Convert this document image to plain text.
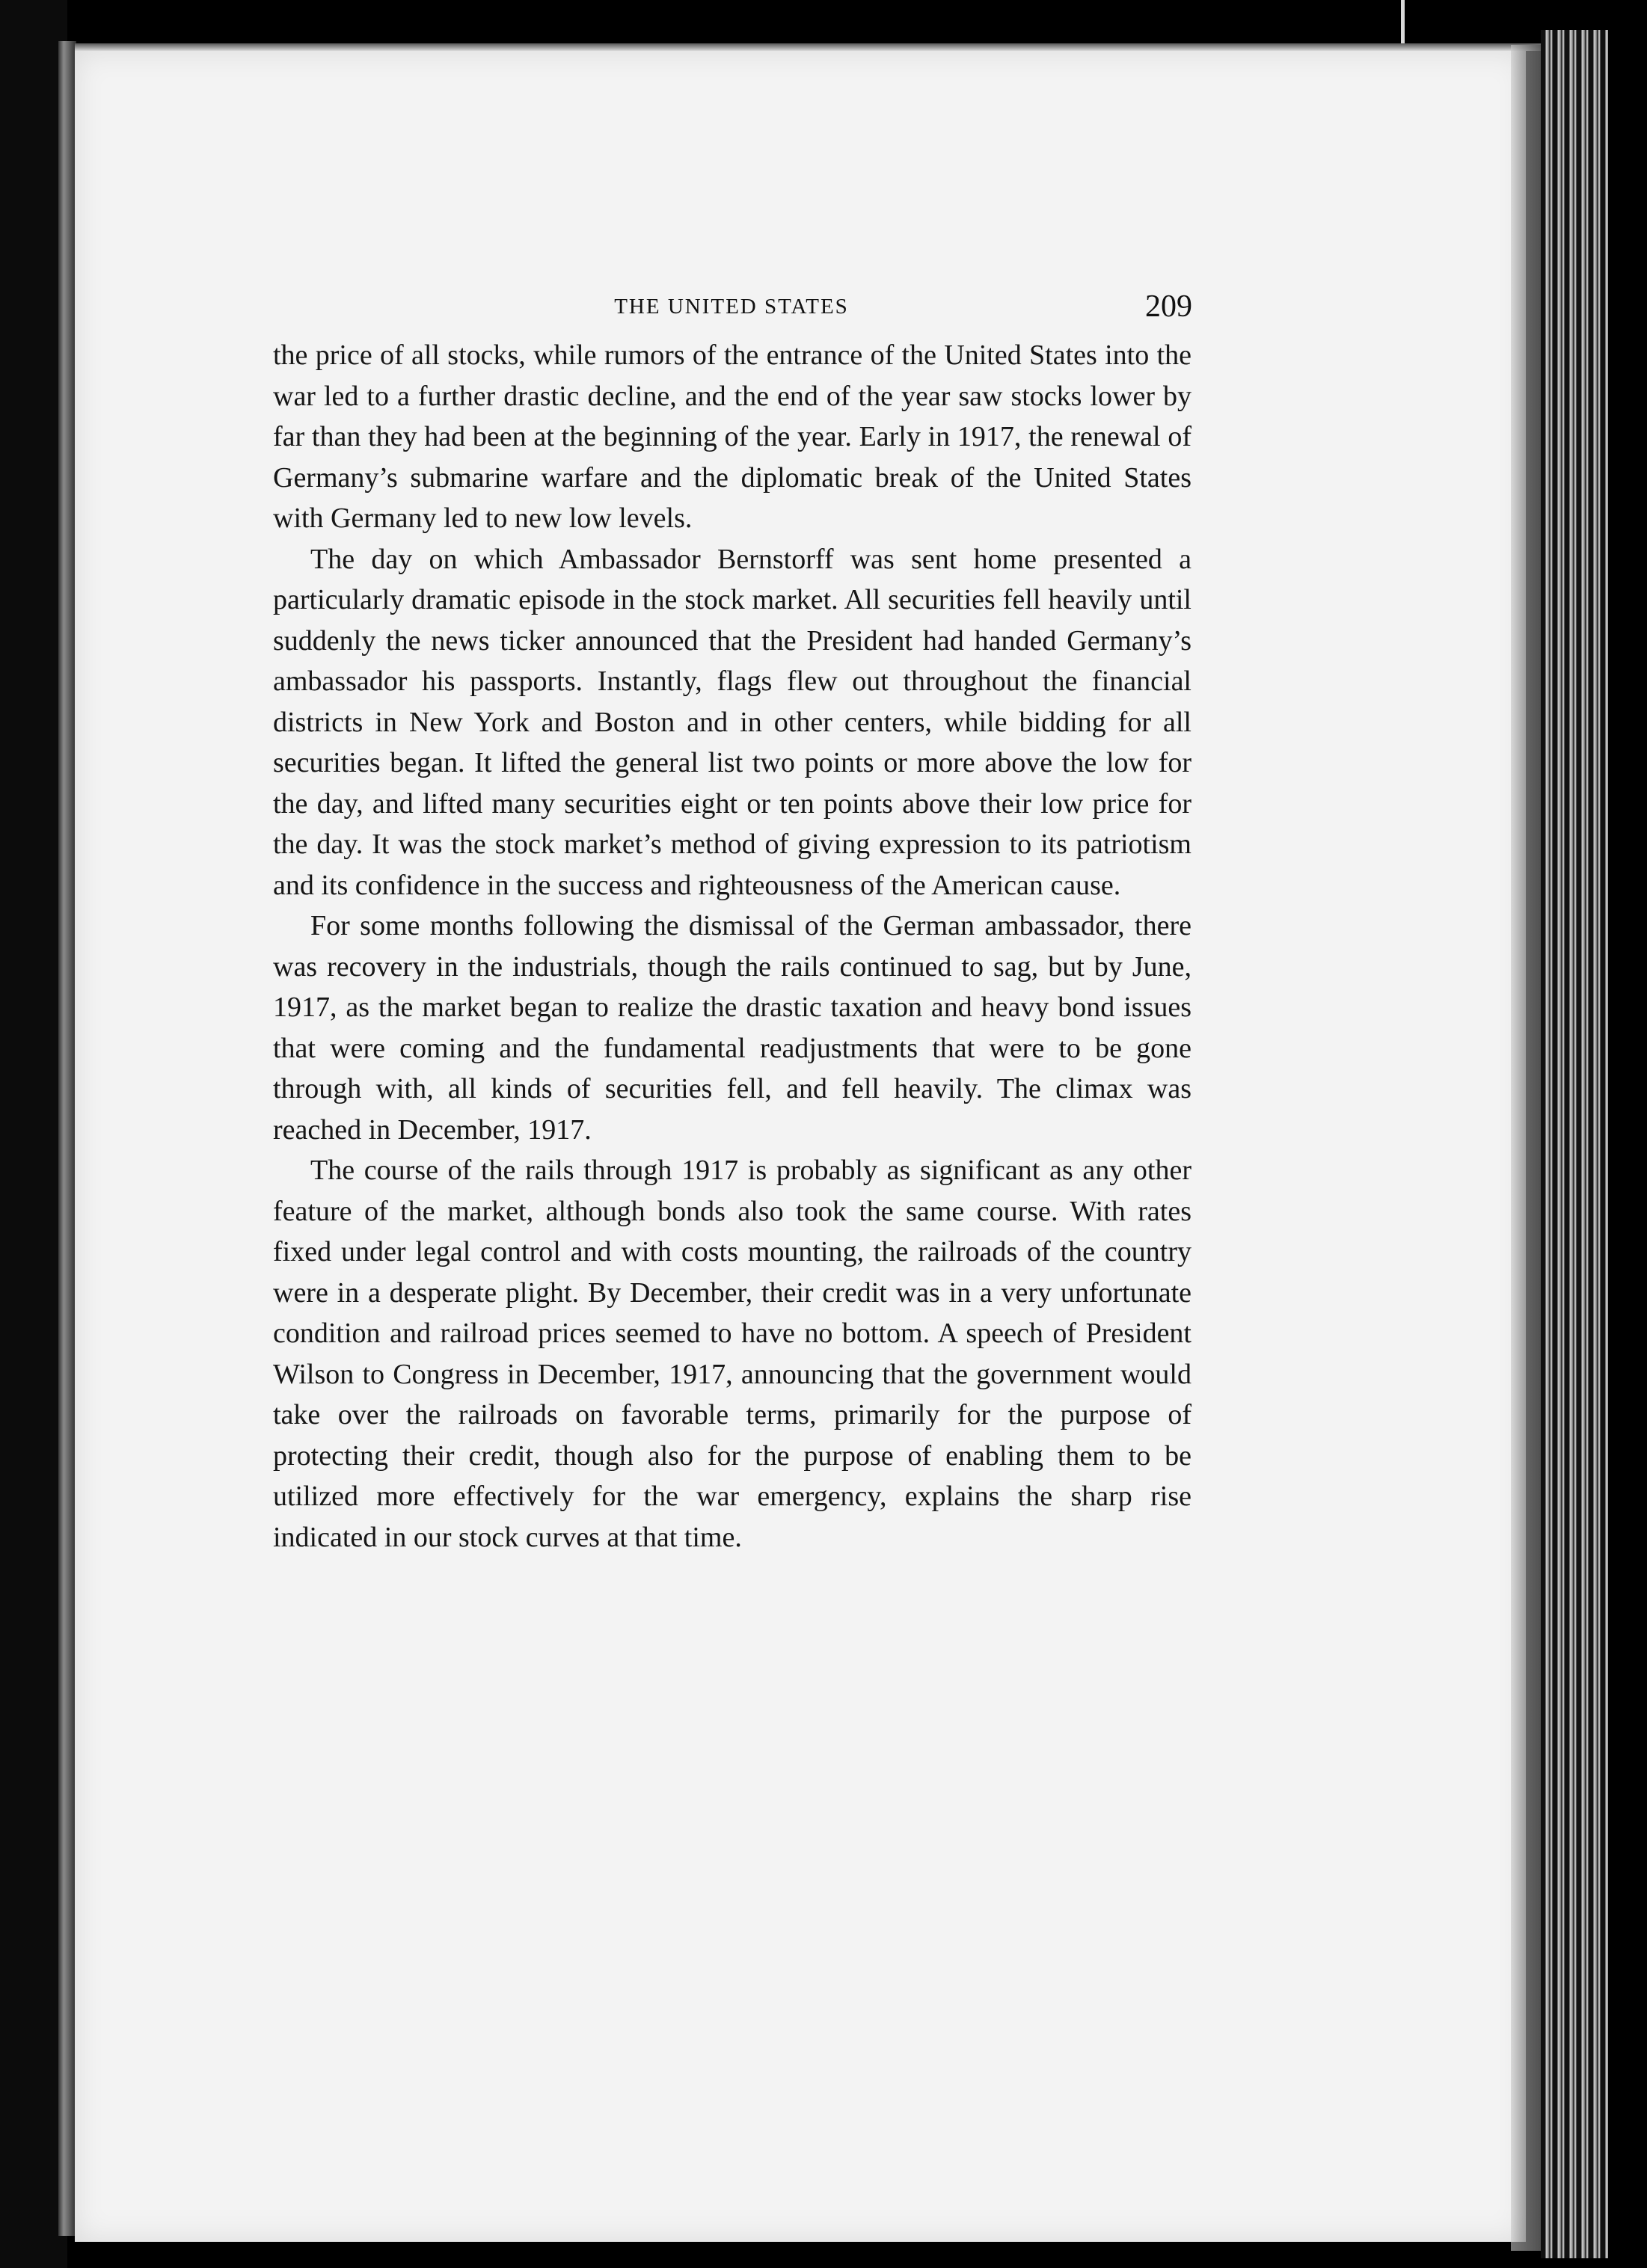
THE UNITED STATES	209

the price of all stocks, while rumors of the entrance of the United States into the war led to a further drastic decline, and the end of the year saw stocks lower by far than they had been at the beginning of the year. Early in 1917, the renewal of Germany’s submarine warfare and the diplomatic break of the United States with Germany led to new low levels.

The day on which Ambassador Bernstorff was sent home presented a particularly dramatic episode in the stock market. All securities fell heavily until suddenly the news ticker announced that the President had handed Germany’s ambassador his passports. Instantly, flags flew out throughout the financial districts in New York and Boston and in other centers, while bidding for all securities began. It lifted the general list two points or more above the low for the day, and lifted many securities eight or ten points above their low price for the day. It was the stock market’s method of giving expression to its patriotism and its confidence in the success and righteousness of the American cause.

For some months following the dismissal of the German ambassador, there was recovery in the industrials, though the rails continued to sag, but by June, 1917, as the market began to realize the drastic taxation and heavy bond issues that were coming and the fundamental readjustments that were to be gone through with, all kinds of securities fell, and fell heavily. The climax was reached in December, 1917.

The course of the rails through 1917 is probably as significant as any other feature of the market, although bonds also took the same course. With rates fixed under legal control and with costs mounting, the railroads of the country were in a desperate plight. By December, their credit was in a very unfortunate condition and railroad prices seemed to have no bottom. A speech of President Wilson to Congress in December, 1917, announcing that the government would take over the railroads on favorable terms, primarily for the purpose of protecting their credit, though also for the purpose of enabling them to be utilized more effectively for the war emergency, explains the sharp rise indicated in our stock curves at that time.
